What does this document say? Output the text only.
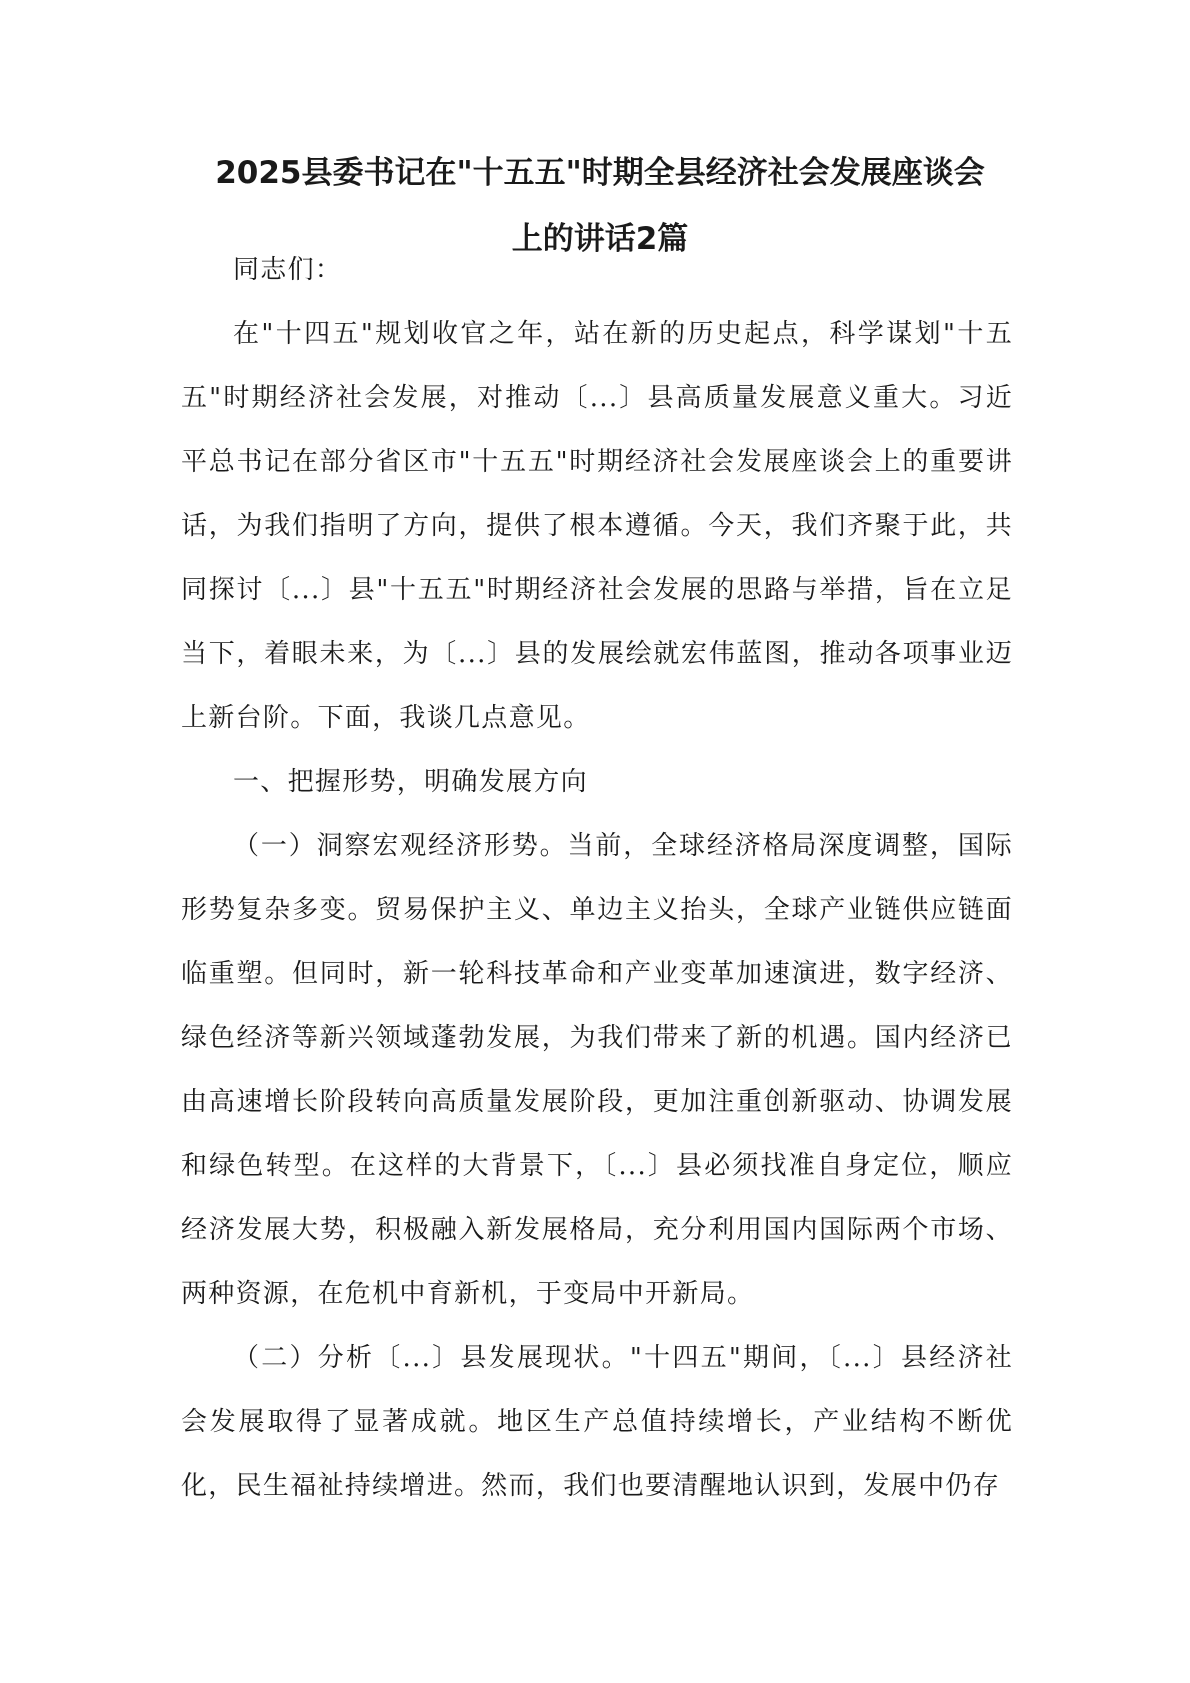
2025县委书记在"十五五"时期全县经济社会发展座谈会
上的讲话2篇

同志们：

在"十四五"规划收官之年，站在新的历史起点，科学谋划"十五五"时期经济社会发展，对推动〔...〕县高质量发展意义重大。习近平总书记在部分省区市"十五五"时期经济社会发展座谈会上的重要讲话，为我们指明了方向，提供了根本遵循。今天，我们齐聚于此，共同探讨〔...〕县"十五五"时期经济社会发展的思路与举措，旨在立足当下，着眼未来，为〔...〕县的发展绘就宏伟蓝图，推动各项事业迈上新台阶。下面，我谈几点意见。

一、把握形势，明确发展方向

（一）洞察宏观经济形势。当前，全球经济格局深度调整，国际形势复杂多变。贸易保护主义、单边主义抬头，全球产业链供应链面临重塑。但同时，新一轮科技革命和产业变革加速演进，数字经济、绿色经济等新兴领域蓬勃发展，为我们带来了新的机遇。国内经济已由高速增长阶段转向高质量发展阶段，更加注重创新驱动、协调发展和绿色转型。在这样的大背景下，〔...〕县必须找准自身定位，顺应经济发展大势，积极融入新发展格局，充分利用国内国际两个市场、两种资源，在危机中育新机，于变局中开新局。

（二）分析〔...〕县发展现状。"十四五"期间，〔...〕县经济社会发展取得了显著成就。地区生产总值持续增长，产业结构不断优化，民生福祉持续增进。然而，我们也要清醒地认识到，发展中仍存
